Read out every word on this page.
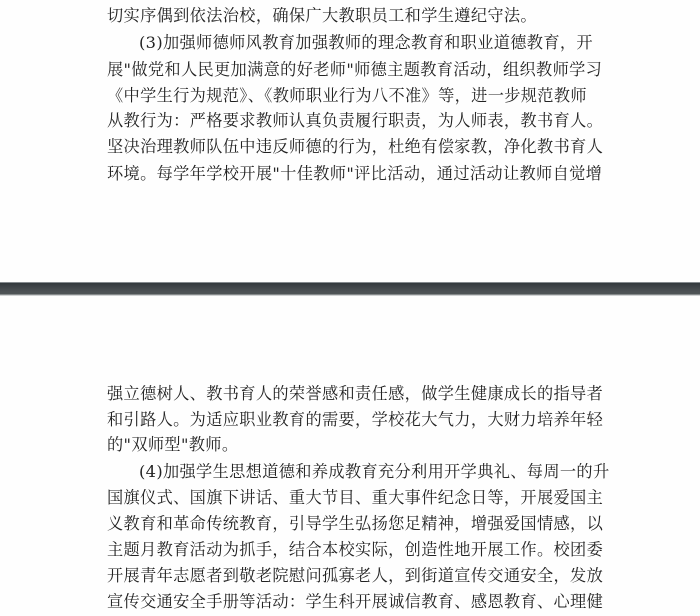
切实序偶到依法治校，确保广大教职员工和学生遵纪守法。
(3)加强师德师风教育加强教师的理念教育和职业道德教育，开
展"做党和人民更加满意的好老师"师德主题教育活动，组织教师学习
《中学生行为规范》、《教师职业行为八不准》等，进一步规范教师
从教行为：严格要求教师认真负责履行职责，为人师表，教书育人。
坚决治理教师队伍中违反师德的行为，杜绝有偿家教，净化教书育人
环境。每学年学校开展"十佳教师"评比活动，通过活动让教师自觉增
强立德树人、教书育人的荣誉感和责任感，做学生健康成长的指导者
和引路人。为适应职业教育的需要，学校花大气力，大财力培养年轻
的"双师型"教师。
(4)加强学生思想道德和养成教育充分利用开学典礼、每周一的升
国旗仪式、国旗下讲话、重大节目、重大事件纪念日等，开展爱国主
义教育和革命传统教育，引导学生弘扬您足精神，增强爱国情感，以
主题月教育活动为抓手，结合本校实际，创造性地开展工作。校团委
开展青年志愿者到敬老院慰问孤寡老人，到街道宣传交通安全，发放
宣传交通安全手册等活动：学生科开展诚信教育、感恩教育、心理健
